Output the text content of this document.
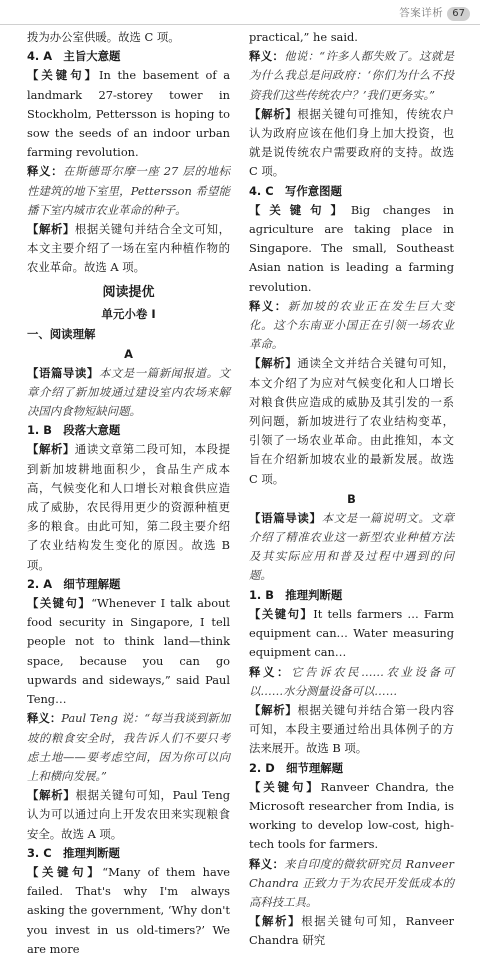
答案详析 67

拨为办公室供暖。故选 C 项。

4. A　主旨大意题

【关键句】In the basement of a landmark 27-storey tower in Stockholm, Pettersson is hoping to sow the seeds of an indoor urban farming revolution.

释义：在斯德哥尔摩一座 27 层的地标性建筑的地下室里，Pettersson 希望能播下室内城市农业革命的种子。

【解析】根据关键句并结合全文可知，本文主要介绍了一场在室内种植作物的农业革命。故选 A 项。

阅读提优
单元小卷 I
一、阅读理解
A

【语篇导读】本文是一篇新闻报道。文章介绍了新加坡通过建设室内农场来解决国内食物短缺问题。

1. B　段落大意题

【解析】通读文章第二段可知，本段提到新加坡耕地面积少，食品生产成本高，气候变化和人口增长对粮食供应造成了威胁，农民得用更少的资源种植更多的粮食。由此可知，第二段主要介绍了农业结构发生变化的原因。故选 B 项。

2. A　细节理解题

【关键句】“Whenever I talk about food security in Singapore, I tell people not to think land—think space, because you can go upwards and sideways,” said Paul Teng…

释义：Paul Teng 说：“每当我谈到新加坡的粮食安全时，我告诉人们不要只考虑土地——要考虑空间，因为你可以向上和横向发展。”

【解析】根据关键句可知，Paul Teng 认为可以通过向上开发农田来实现粮食安全。故选 A 项。

3. C　推理判断题

【关键句】“Many of them have failed. That's why I'm always asking the government, ‘Why don't you invest in us old-timers?’ We are more

practical,” he said.

释义：他说：“许多人都失败了。这就是为什么我总是问政府：‘你们为什么不投资我们这些传统农户？’我们更务实。”

【解析】根据关键句可推知，传统农户认为政府应该在他们身上加大投资，也就是说传统农户需要政府的支持。故选 C 项。

4. C　写作意图题

【关键句】Big changes in agriculture are taking place in Singapore. The small, Southeast Asian nation is leading a farming revolution.

释义：新加坡的农业正在发生巨大变化。这个东南亚小国正在引领一场农业革命。

【解析】通读全文并结合关键句可知，本文介绍了为应对气候变化和人口增长对粮食供应造成的威胁及其引发的一系列问题，新加坡进行了农业结构变革，引领了一场农业革命。由此推知，本文旨在介绍新加坡农业的最新发展。故选 C 项。

B

【语篇导读】本文是一篇说明文。文章介绍了精准农业这一新型农业种植方法及其实际应用和普及过程中遇到的问题。

1. B　推理判断题

【关键句】It tells farmers … Farm equipment can… Water measuring equipment can…

释义：它告诉农民……农业设备可以……水分测量设备可以……

【解析】根据关键句并结合第一段内容可知，本段主要通过给出具体例子的方法来展开。故选 B 项。

2. D　细节理解题

【关键句】Ranveer Chandra, the Microsoft researcher from India, is working to develop low-cost, high-tech tools for farmers.

释义：来自印度的微软研究员 Ranveer Chandra 正致力于为农民开发低成本的高科技工具。

【解析】根据关键句可知，Ranveer Chandra 研究
